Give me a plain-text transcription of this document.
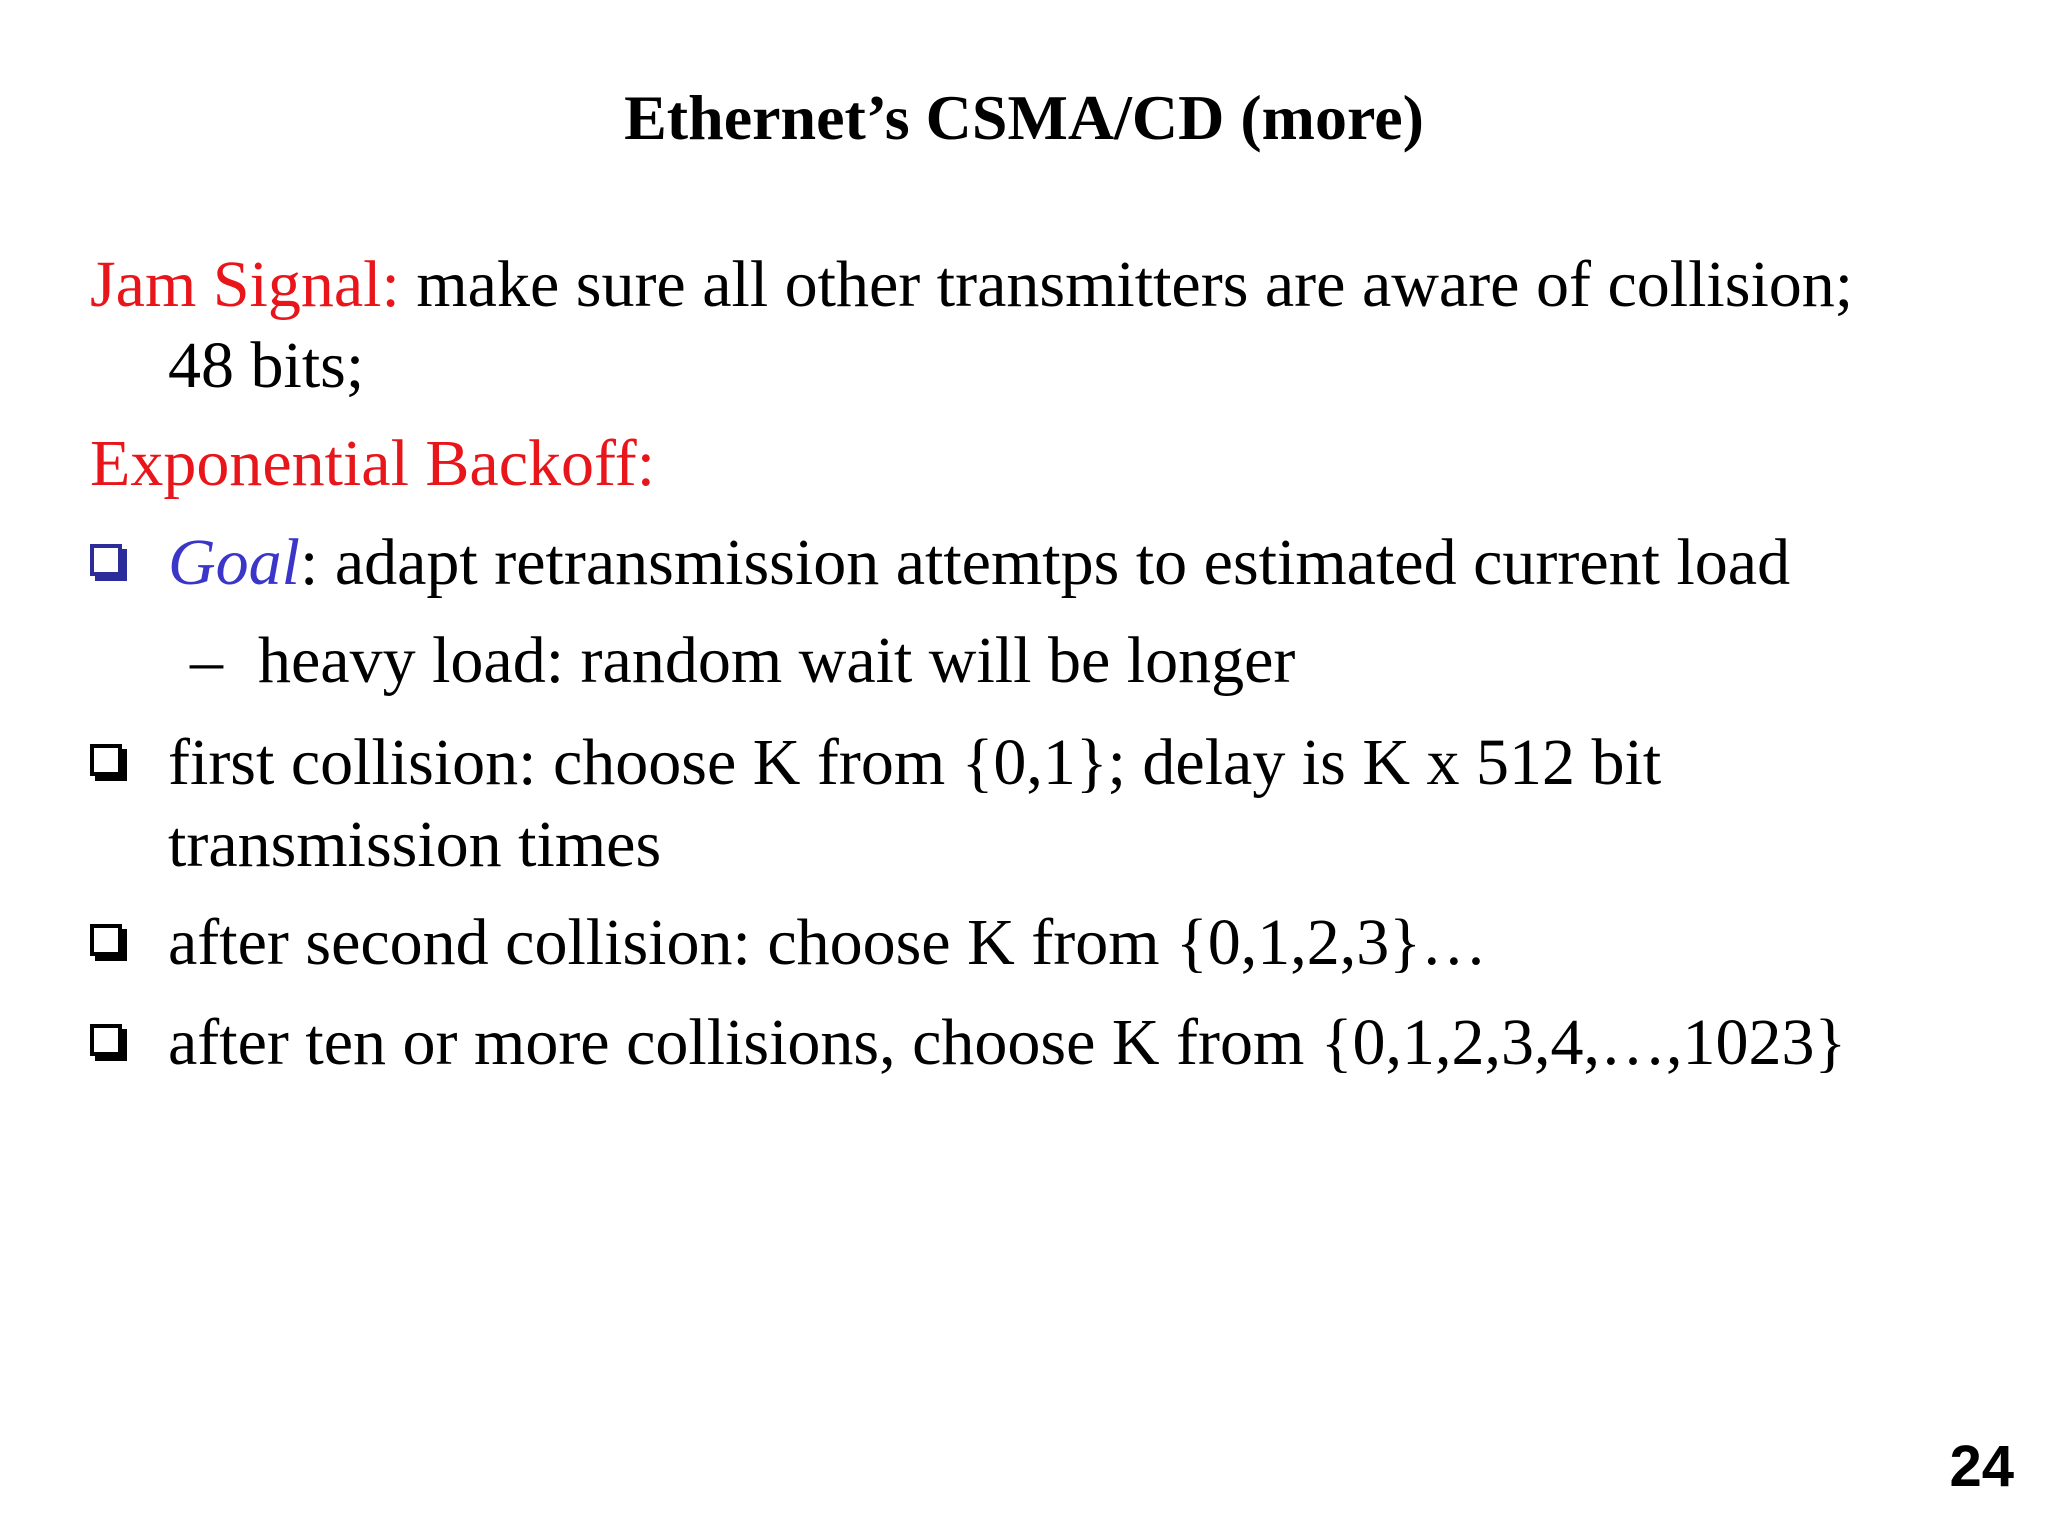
Ethernet’s CSMA/CD (more)
Jam Signal: make sure all other transmitters are aware of collision;
48 bits;
Exponential Backoff:
Goal: adapt retransmission attemtps to estimated current load
– heavy load: random wait will be longer
first collision: choose K from {0,1}; delay is K x 512 bit
transmission times
after second collision: choose K from {0,1,2,3}…
after ten or more collisions, choose K from {0,1,2,3,4,…,1023}
24
